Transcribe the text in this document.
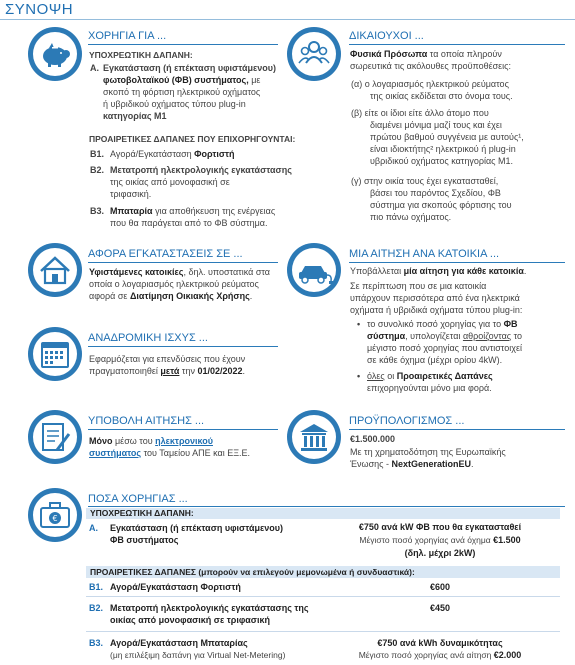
ΣΥΝΟΨΗ
ΧΟΡΗΓΙΑ ΓΙΑ ...
ΥΠΟΧΡΕΩΤΙΚΗ ΔΑΠΑΝΗ:
A. Εγκατάσταση (ή επέκταση υφιστάμενου)
φωτοβολταϊκού (ΦΒ) συστήματος, με
σκοπό τη φόρτιση ηλεκτρικού οχήματος
ή υβριδικού οχήματος τύπου plug-in
κατηγορίας Μ1
ΠΡΟΑΙΡΕΤΙΚΕΣ ΔΑΠΑΝΕΣ ΠΟΥ ΕΠΙΧΟΡΗΓΟΥΝΤΑΙ:
Β1. Αγορά/Εγκατάσταση Φορτιστή
Β2. Μετατροπή ηλεκτρολογικής εγκατάστασης
της οικίας από μονοφασική σε
τριφασική.
Β3. Μπαταρία για αποθήκευση της ενέργειας
που θα παράγεται από το ΦΒ σύστημα.
ΔΙΚΑΙΟΥΧΟΙ ...
Φυσικά Πρόσωπα τα οποία πληρούν
σωρευτικά τις ακόλουθες προϋποθέσεις:
(α) ο λογαριασμός ηλεκτρικού ρεύματος
της οικίας εκδίδεται στο όνομα τους.
(β) είτε οι ίδιοι είτε άλλο άτομο που
διαμένει μόνιμα μαζί τους και έχει
πρώτου βαθμού συγγένεια με αυτούς¹,
είναι ιδιοκτήτης² ηλεκτρικού ή plug-in
υβριδικού οχήματος κατηγορίας Μ1.
(γ) στην οικία τους έχει εγκατασταθεί,
βάσει του παρόντος Σχεδίου, ΦΒ
σύστημα για σκοπούς φόρτισης του
πιο πάνω οχήματος.
ΑΦΟΡΑ ΕΓΚΑΤΑΣΤΑΣΕΙΣ ΣΕ ...
Υφιστάμενες κατοικίες, δηλ. υποστατικά στα
οποία ο λογαριασμός ηλεκτρικού ρεύματος
αφορά σε Διατίμηση Οικιακής Χρήσης.
ΜΙΑ ΑΙΤΗΣΗ ΑΝΑ ΚΑΤΟΙΚΙΑ ...
Υποβάλλεται μία αίτηση για κάθε κατοικία.
Σε περίπτωση που σε μια κατοικία
υπάρχουν περισσότερα από ένα ηλεκτρικά
οχήματα ή υβριδικά οχήματα τύπου plug-in:
• το συνολικό ποσό χορηγίας για το ΦΒ
σύστημα, υπολογίζεται αθροίζοντας το
μέγιστο ποσό χορηγίας που αντιστοιχεί
σε κάθε όχημα (μέχρι ορίου 4kW).
• όλες οι Προαιρετικές Δαπάνες
επιχορηγούνται μόνο μια φορά.
ΑΝΑΔΡΟΜΙΚΗ ΙΣΧΥΣ ...
Εφαρμόζεται για επενδύσεις που έχουν
πραγματοποιηθεί μετά την 01/02/2022.
ΥΠΟΒΟΛΗ ΑΙΤΗΣΗΣ ...
Μόνο μέσω του ηλεκτρονικού
συστήματος του Ταμείου ΑΠΕ και ΕΞ.Ε.
ΠΡΟΫΠΟΛΟΓΙΣΜΟΣ ...
€1.500.000
Με τη χρηματοδότηση της Ευρωπαϊκής
Ένωσης - NextGenerationEU.
€
ΠΟΣΑ ΧΟΡΗΓΙΑΣ ...
ΥΠΟΧΡΕΩΤΙΚΗ ΔΑΠΑΝΗ:
A. Εγκατάσταση (ή επέκταση υφιστάμενου)
ΦΒ συστήματος
€750 ανά kW ΦΒ που θα εγκατασταθεί
Μέγιστο ποσό χορηγίας ανά όχημα €1.500
(δηλ. μέχρι 2kW)
ΠΡΟΑΙΡΕΤΙΚΕΣ ΔΑΠΑΝΕΣ (μπορούν να επιλεγούν μεμονωμένα ή συνδυαστικά):
Β1. Αγορά/Εγκατάσταση Φορτιστή	€600
Β2. Μετατροπή ηλεκτρολογικής εγκατάστασης της
οικίας από μονοφασική σε τριφασική
€450
Β3. Αγορά/Εγκατάσταση Μπαταρίας
(μη επιλέξιμη δαπάνη για Virtual Net-Metering)
€750 ανά kWh δυναμικότητας
Μέγιστο ποσό χορηγίας ανά αίτηση €2.000
